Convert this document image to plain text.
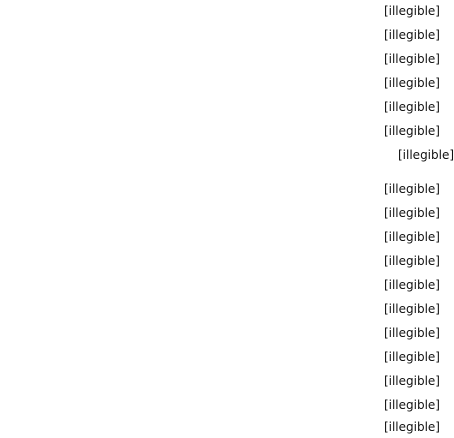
[illegible]
[illegible]
[illegible]
[illegible]
[illegible]
[illegible]
[illegible]
[illegible]
[illegible]
[illegible]
[illegible]
[illegible]
[illegible]
[illegible]
[illegible]
[illegible]
[illegible]
[illegible]
